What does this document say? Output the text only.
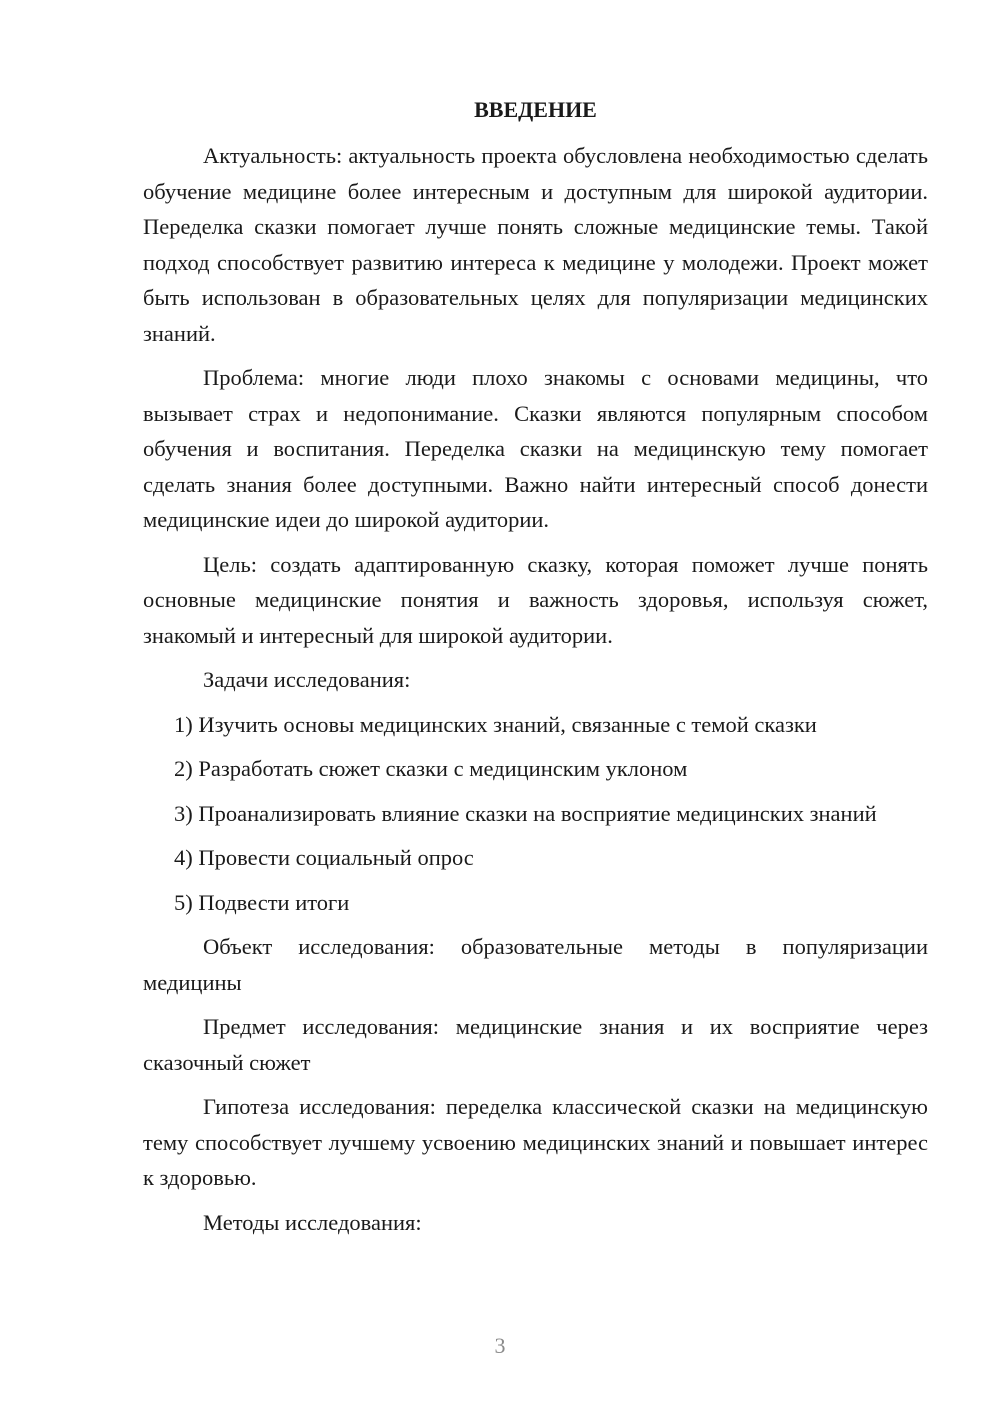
ВВЕДЕНИЕ

Актуальность: актуальность проекта обусловлена необходимостью сделать обучение медицине более интересным и доступным для широкой аудитории. Переделка сказки помогает лучше понять сложные медицинские темы. Такой подход способствует развитию интереса к медицине у молодежи. Проект может быть использован в образовательных целях для популяризации медицинских знаний.

Проблема: многие люди плохо знакомы с основами медицины, что вызывает страх и недопонимание. Сказки являются популярным способом обучения и воспитания. Переделка сказки на медицинскую тему помогает сделать знания более доступными. Важно найти интересный способ донести медицинские идеи до широкой аудитории.

Цель: создать адаптированную сказку, которая поможет лучше понять основные медицинские понятия и важность здоровья, используя сюжет, знакомый и интересный для широкой аудитории.

Задачи исследования:

1) Изучить основы медицинских знаний, связанные с темой сказки

2) Разработать сюжет сказки с медицинским уклоном

3) Проанализировать влияние сказки на восприятие медицинских знаний

4) Провести социальный опрос

5) Подвести итоги

Объект исследования: образовательные методы в популяризации медицины

Предмет исследования: медицинские знания и их восприятие через сказочный сюжет

Гипотеза исследования: переделка классической сказки на медицинскую тему способствует лучшему усвоению медицинских знаний и повышает интерес к здоровью.

Методы исследования:

3
